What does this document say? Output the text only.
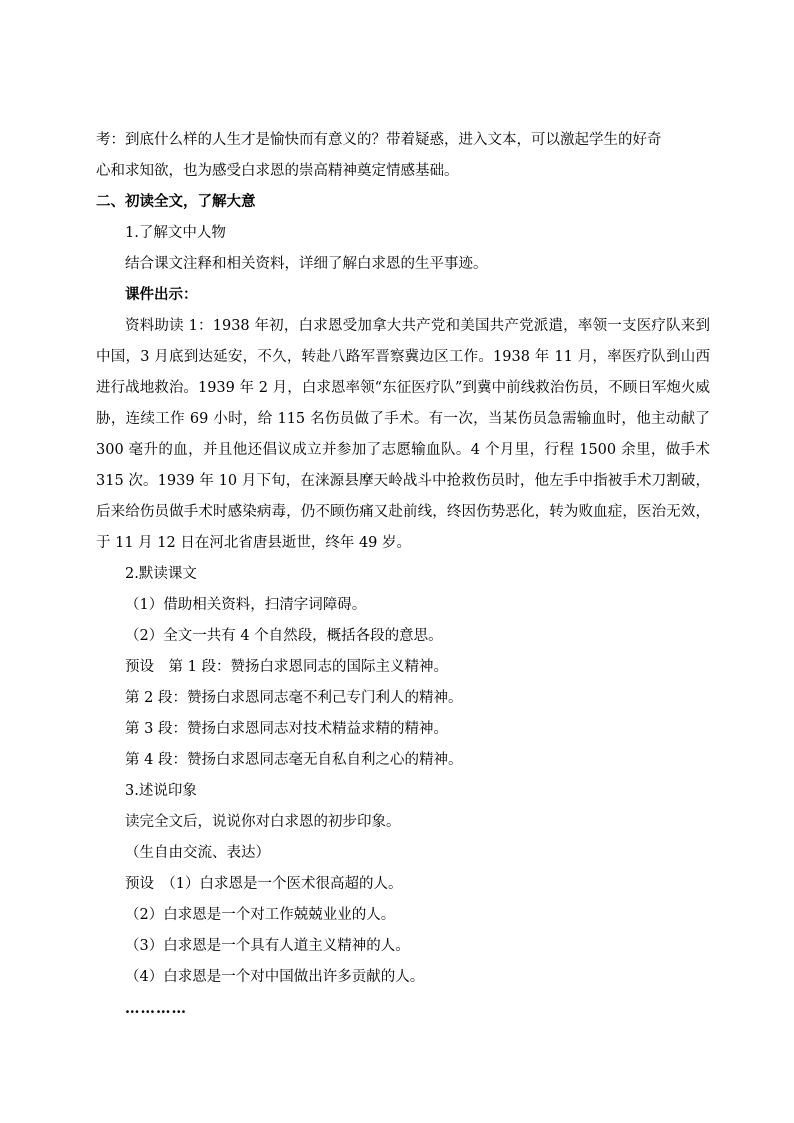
考：到底什么样的人生才是愉快而有意义的？带着疑惑，进入文本，可以激起学生的好奇
心和求知欲，也为感受白求恩的崇高精神奠定情感基础。
二、初读全文，了解大意
1.了解文中人物
结合课文注释和相关资料，详细了解白求恩的生平事迹。
课件出示：
资料助读 1：1938 年初，白求恩受加拿大共产党和美国共产党派遣，率领一支医疗队来到中国，3 月底到达延安，不久，转赴八路军晋察冀边区工作。1938 年 11 月，率医疗队到山西进行战地救治。1939 年 2 月，白求恩率领“东征医疗队”到冀中前线救治伤员，不顾日军炮火威胁，连续工作 69 小时，给 115 名伤员做了手术。有一次，当某伤员急需输血时，他主动献了 300 毫升的血，并且他还倡议成立并参加了志愿输血队。4 个月里，行程 1500 余里，做手术 315 次。1939 年 10 月下旬，在涞源县摩天岭战斗中抢救伤员时，他左手中指被手术刀割破，后来给伤员做手术时感染病毒，仍不顾伤痛又赴前线，终因伤势恶化，转为败血症，医治无效，于 11 月 12 日在河北省唐县逝世，终年 49 岁。
2.默读课文
（1）借助相关资料，扫清字词障碍。
（2）全文一共有 4 个自然段，概括各段的意思。
预设　第 1 段：赞扬白求恩同志的国际主义精神。
第 2 段：赞扬白求恩同志毫不利己专门利人的精神。
第 3 段：赞扬白求恩同志对技术精益求精的精神。
第 4 段：赞扬白求恩同志毫无自私自利之心的精神。
3.述说印象
读完全文后，说说你对白求恩的初步印象。
（生自由交流、表达）
预设　（1）白求恩是一个医术很高超的人。
（2）白求恩是一个对工作兢兢业业的人。
（3）白求恩是一个具有人道主义精神的人。
（4）白求恩是一个对中国做出许多贡献的人。
…………
